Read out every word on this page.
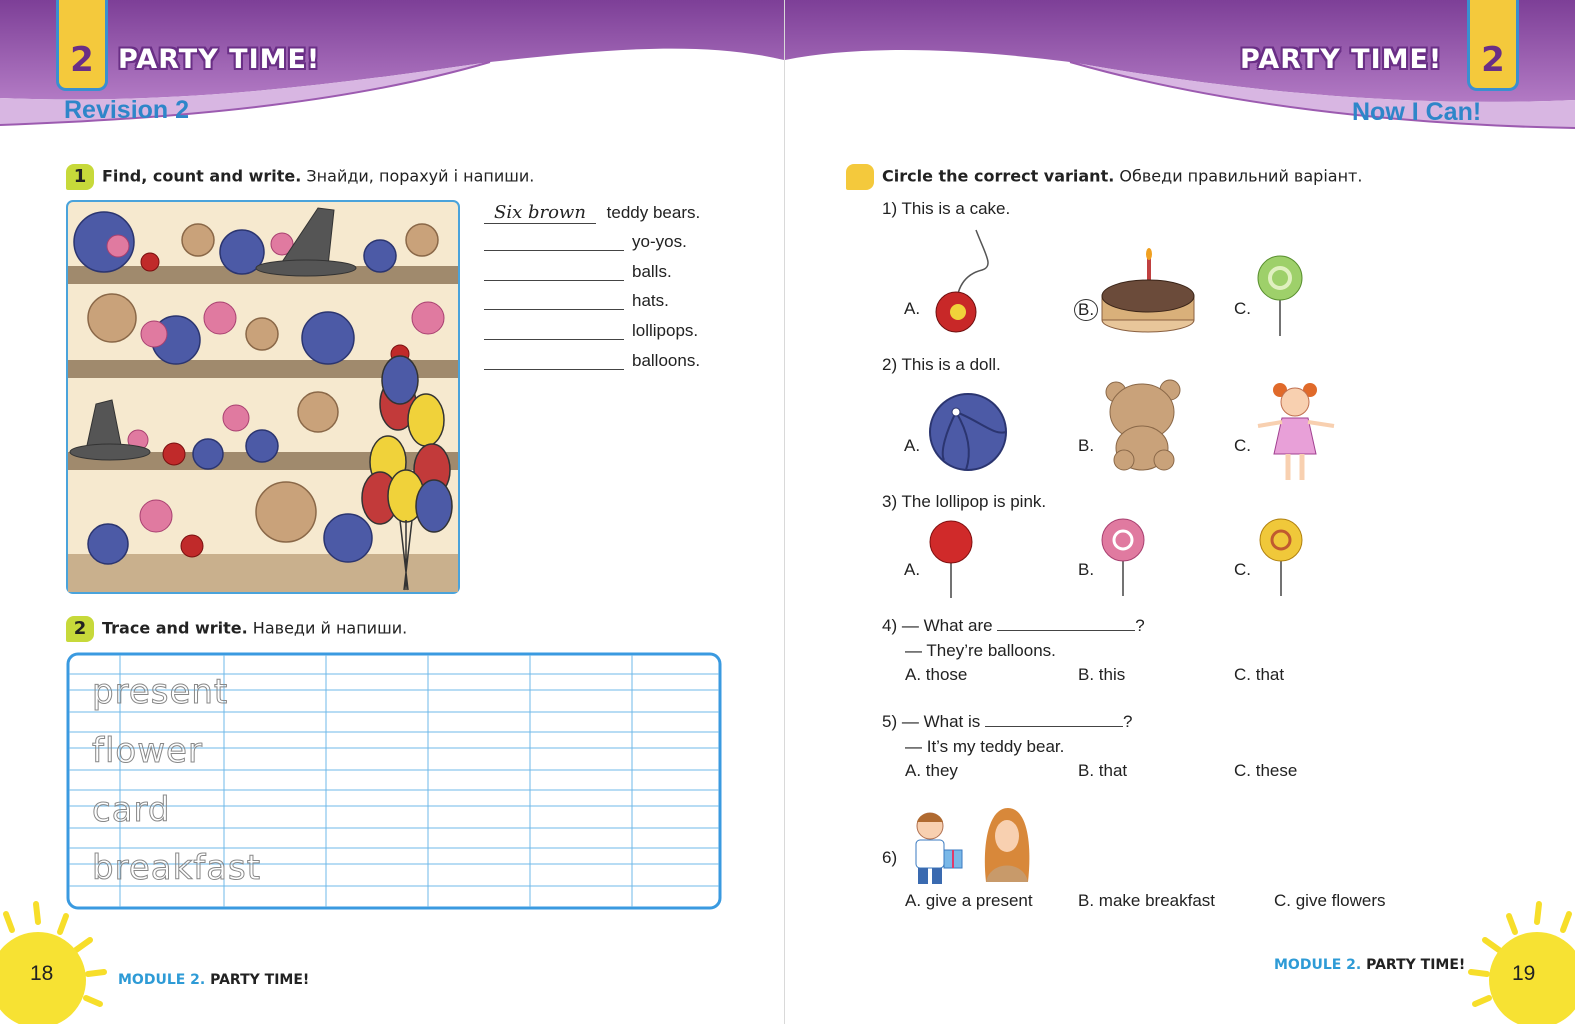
2 PARTY TIME!
Revision 2
2
PARTY TIME!
Now I Can!
1 Find, count and write. Знайди, порахуй і напиши.
Six brown teddy bears.
yo-yos.
balls.
hats.
lollipops.
balloons.
2 Trace and write. Наведи й напиши.
present
flower
card
breakfast
Circle the correct variant. Обведи правильний варіант.
1) This is a cake.
A.	B.	C.
2) This is a doll.
A.	B.	C.
3) The lollipop is pink.
A.	B.	C.
4) — What are	?
— They’re balloons.
A. those	B. this	C. that
5) — What is	?
— It’s my teddy bear.
A. they	B. that	C. these
6)
A. give a present	B. make breakfast	C. give flowers
18	MODULE 2. PARTY TIME!	19
MODULE 2. PARTY TIME!
